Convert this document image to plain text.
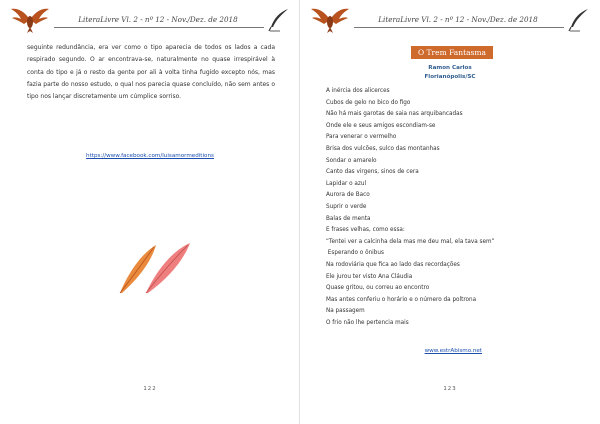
LiteraLivre Vl. 2 - nº 12 - Nov./Dez. de 2018

seguinte redundância, era ver como o tipo aparecia de todos os lados a cada respirado segundo. O ar encontrava-se, naturalmente no quase irrespirável à conta do tipo e já o resto da gente por ali à volta tinha fugido excepto nós, mas fazia parte do nosso estudo, o qual nos parecia quase concluído, não sem antes o tipo nos lançar discretamente um cúmplice sorriso.

https://www.facebook.com/luisamormeditions
122
LiteraLivre Vl. 2 - nº 12 - Nov./Dez. de 2018
O Trem Fantasma
Ramon Carlos
Florianópolis/SC
A inércia dos alicerces
Cubos de gelo no bico do figo
Não há mais garotas de saia nas arquibancadas
Onde ele e seus amigos escondiam-se
Para venerar o vermelho
Brisa dos vulcões, sulco das montanhas
Sondar o amarelo
Canto das virgens, sinos de cera
Lapidar o azul
Aurora de Baco
Suprir o verde
Balas de menta
E frases velhas, como essa:
“Tentei ver a calcinha dela mas me deu mal, ela tava sem”
Esperando o ônibus
Na rodoviária que fica ao lado das recordações
Ele jurou ter visto Ana Cláudia
Quase gritou, ou correu ao encontro
Mas antes conferiu o horário e o número da poltrona
Na passagem
O frio não lhe pertencia mais
www.estrAbismo.net
123
